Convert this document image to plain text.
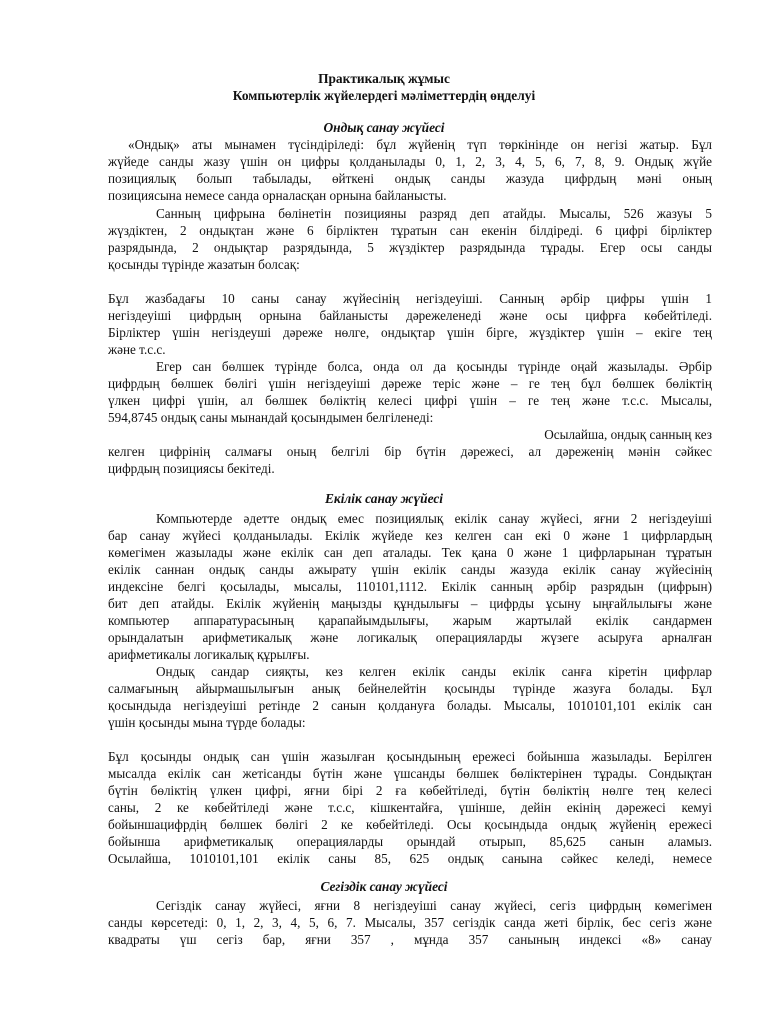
Практикалық жұмыс
Компьютерлік жүйелердегі мәліметтердің өңделуі
Ондық санау жүйесі
«Ондық» аты мынамен түсіндіріледі: бұл жүйенің түп төркінінде он негізі жатыр. Бұл
жүйеде санды жазу үшін он цифры қолданылады 0, 1, 2, 3, 4, 5, 6, 7, 8, 9. Ондық жүйе
позициялық болып табылады, өйткені ондық санды жазуда цифрдың мәні оның
позициясына немесе санда орналасқан орнына байланысты.
Санның цифрына бөлінетін позицияны разряд деп атайды. Мысалы, 526 жазуы 5
жүздіктен, 2 ондықтан және 6 бірліктен тұратын сан екенін білдіреді. 6 цифрі бірліктер
разрядында, 2 ондықтар разрядында, 5 жүздіктер разрядында тұрады. Егер осы санды
қосынды түрінде жазатын болсақ:
Бұл жазбадағы 10 саны санау жүйесінің негіздеуіші. Санның әрбір цифры үшін 1
негіздеуіші цифрдың орнына байланысты дәрежеленеді және осы цифрға көбейтіледі.
Бірліктер үшін негіздеуші дәреже нөлге, ондықтар үшін бірге, жүздіктер үшін – екіге тең
және т.с.с.
Егер сан бөлшек түрінде болса, онда ол да қосынды түрінде оңай жазылады. Әрбір
цифрдың бөлшек бөлігі үшін негіздеуіші дәреже теріс және – ге тең бұл бөлшек бөліктің
үлкен цифрі үшін, ал бөлшек бөліктің келесі цифрі үшін – ге тең және т.с.с. Мысалы,
594,8745 ондық саны мынандай қосындымен белгіленеді:
Осылайша, ондық санның кез
келген цифрінің салмағы оның белгілі бір бүтін дәрежесі, ал дәреженің мәнін сәйкес
цифрдың позициясы бекітеді.
Екілік санау жүйесі
Компьютерде әдетте ондық емес позициялық екілік санау жүйесі, яғни 2 негіздеуіші
бар санау жүйесі қолданылады. Екілік жүйеде кез келген сан екі 0 және 1 цифрлардың
көмегімен жазылады және екілік сан деп аталады. Тек қана 0 және 1 цифрларынан тұратын
екілік саннан ондық санды ажырату үшін екілік санды жазуда екілік санау жүйесінің
индексіне белгі қосылады, мысалы, 110101,1112. Екілік санның әрбір разрядын (цифрын)
бит деп атайды. Екілік жүйенің маңызды құндылығы – цифрды ұсыну ыңғайлылығы және
компьютер аппаратурасының қарапайымдылығы, жарым жартылай екілік сандармен
орындалатын арифметикалық және логикалық операцияларды жүзеге асыруға арналған
арифметикалы логикалық құрылғы.
Ондық сандар сияқты, кез келген екілік санды екілік санға кіретін цифрлар
салмағының айырмашылығын анық бейнелейтін қосынды түрінде жазуға болады. Бұл
қосындыда негіздеуіші ретінде 2 санын қолдануға болады. Мысалы, 1010101,101 екілік сан
үшін қосынды мына түрде болады:
Бұл қосынды ондық сан үшін жазылған қосындының ережесі бойынша жазылады. Берілген
мысалда екілік сан жетісанды бүтін және үшсанды бөлшек бөліктерінен тұрады. Сондықтан
бүтін бөліктің үлкен цифрі, яғни бірі 2 ға көбейтіледі, бүтін бөліктің нөлге тең келесі
саны, 2 ке көбейтіледі және т.с.с, кішкентайға, үшінше, дейін екінің дәрежесі кемуі
бойыншацифрдің бөлшек бөлігі 2 ке көбейтіледі. Осы қосындыда ондық жүйенің ережесі
бойынша арифметикалық операцияларды орындай отырып, 85,625 санын аламыз.
Осылайша, 1010101,101 екілік саны 85, 625 ондық санына сәйкес келеді, немесе
Сегіздік санау жүйесі
Сегіздік санау жүйесі, яғни 8 негіздеуіші санау жүйесі, сегіз цифрдың көмегімен
санды көрсетеді: 0, 1, 2, 3, 4, 5, 6, 7. Мысалы, 357 сегіздік санда жеті бірлік, бес сегіз және
квадраты үш сегіз бар, яғни 357 , мұнда 357 санының индексі «8» санау
